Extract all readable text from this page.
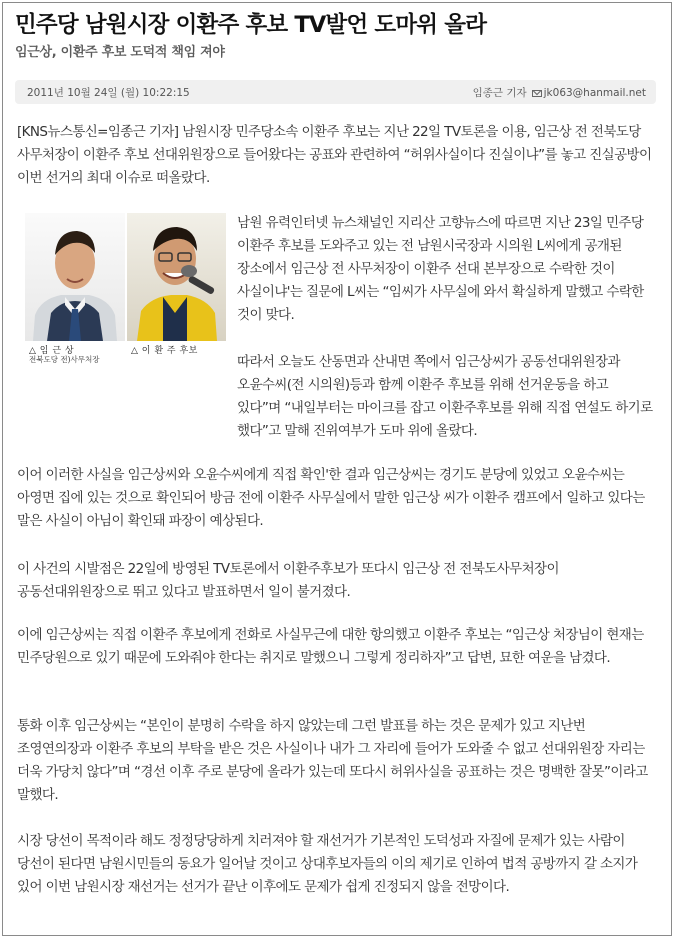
민주당 남원시장 이환주 후보 TV발언 도마위 올라
임근상, 이환주 후보 도덕적 책임 져야
2011년 10월 24일 (월) 10:22:15	임종근 기자 jk063@hanmail.net

[KNS뉴스통신=임종근 기자] 남원시장 민주당소속 이환주 후보는 지난 22일 TV토론을 이용, 임근상 전 전북도당 사무처장이 이환주 후보 선대위원장으로 들어왔다는 공표와 관련하여 “허위사실이다 진실이냐”를 놓고 진실공방이 이번 선거의 최대 이슈로 떠올랐다.

△ 임 근 상
전북도당 전)사무처장
△ 이 환 주 후보

남원 유력인터넷 뉴스채널인 지리산 고향뉴스에 따르면 지난 23일 민주당 이환주 후보를 도와주고 있는 전 남원시국장과 시의원 L씨에게 공개된 장소에서 임근상 전 사무처장이 이환주 선대 본부장으로 수락한 것이 사실이냐'는 질문에 L씨는 “임씨가 사무실에 와서 확실하게 말했고 수락한 것이 맞다.

따라서 오늘도 산동면과 산내면 쪽에서 임근상씨가 공동선대위원장과 오윤수씨(전 시의원)등과 함께 이환주 후보를 위해 선거운동을 하고 있다”며 “내일부터는 마이크를 잡고 이환주후보를 위해 직접 연설도 하기로 했다”고 말해 진위여부가 도마 위에 올랐다.

이어 이러한 사실을 임근상씨와 오윤수씨에게 직접 확인'한 결과 임근상씨는 경기도 분당에 있었고 오윤수씨는 아영면 집에 있는 것으로 확인되어 방금 전에 이환주 사무실에서 말한 임근상 씨가 이환주 캠프에서 일하고 있다는 말은 사실이 아님이 확인돼 파장이 예상된다.

이 사건의 시발점은 22일에 방영된 TV토론에서 이환주후보가 또다시 임근상 전 전북도사무처장이 공동선대위원장으로 뛰고 있다고 발표하면서 일이 불거졌다.

이에 임근상씨는 직접 이환주 후보에게 전화로 사실무근에 대한 항의했고 이환주 후보는 “임근상 처장님이 현재는 민주당원으로 있기 때문에 도와줘야 한다는 취지로 말했으니 그렇게 정리하자”고 답변, 묘한 여운을 남겼다.

통화 이후 임근상씨는 “본인이 분명히 수락을 하지 않았는데 그런 발표를 하는 것은 문제가 있고 지난번 조영연의장과 이환주 후보의 부탁을 받은 것은 사실이나 내가 그 자리에 들어가 도와줄 수 없고 선대위원장 자리는 더욱 가당치 않다”며 “경선 이후 주로 분당에 올라가 있는데 또다시 허위사실을 공표하는 것은 명백한 잘못”이라고 말했다.

시장 당선이 목적이라 해도 정정당당하게 치러져야 할 재선거가 기본적인 도덕성과 자질에 문제가 있는 사람이 당선이 된다면 남원시민들의 동요가 일어날 것이고 상대후보자들의 이의 제기로 인하여 법적 공방까지 갈 소지가 있어 이번 남원시장 재선거는 선거가 끝난 이후에도 문제가 쉽게 진정되지 않을 전망이다.
